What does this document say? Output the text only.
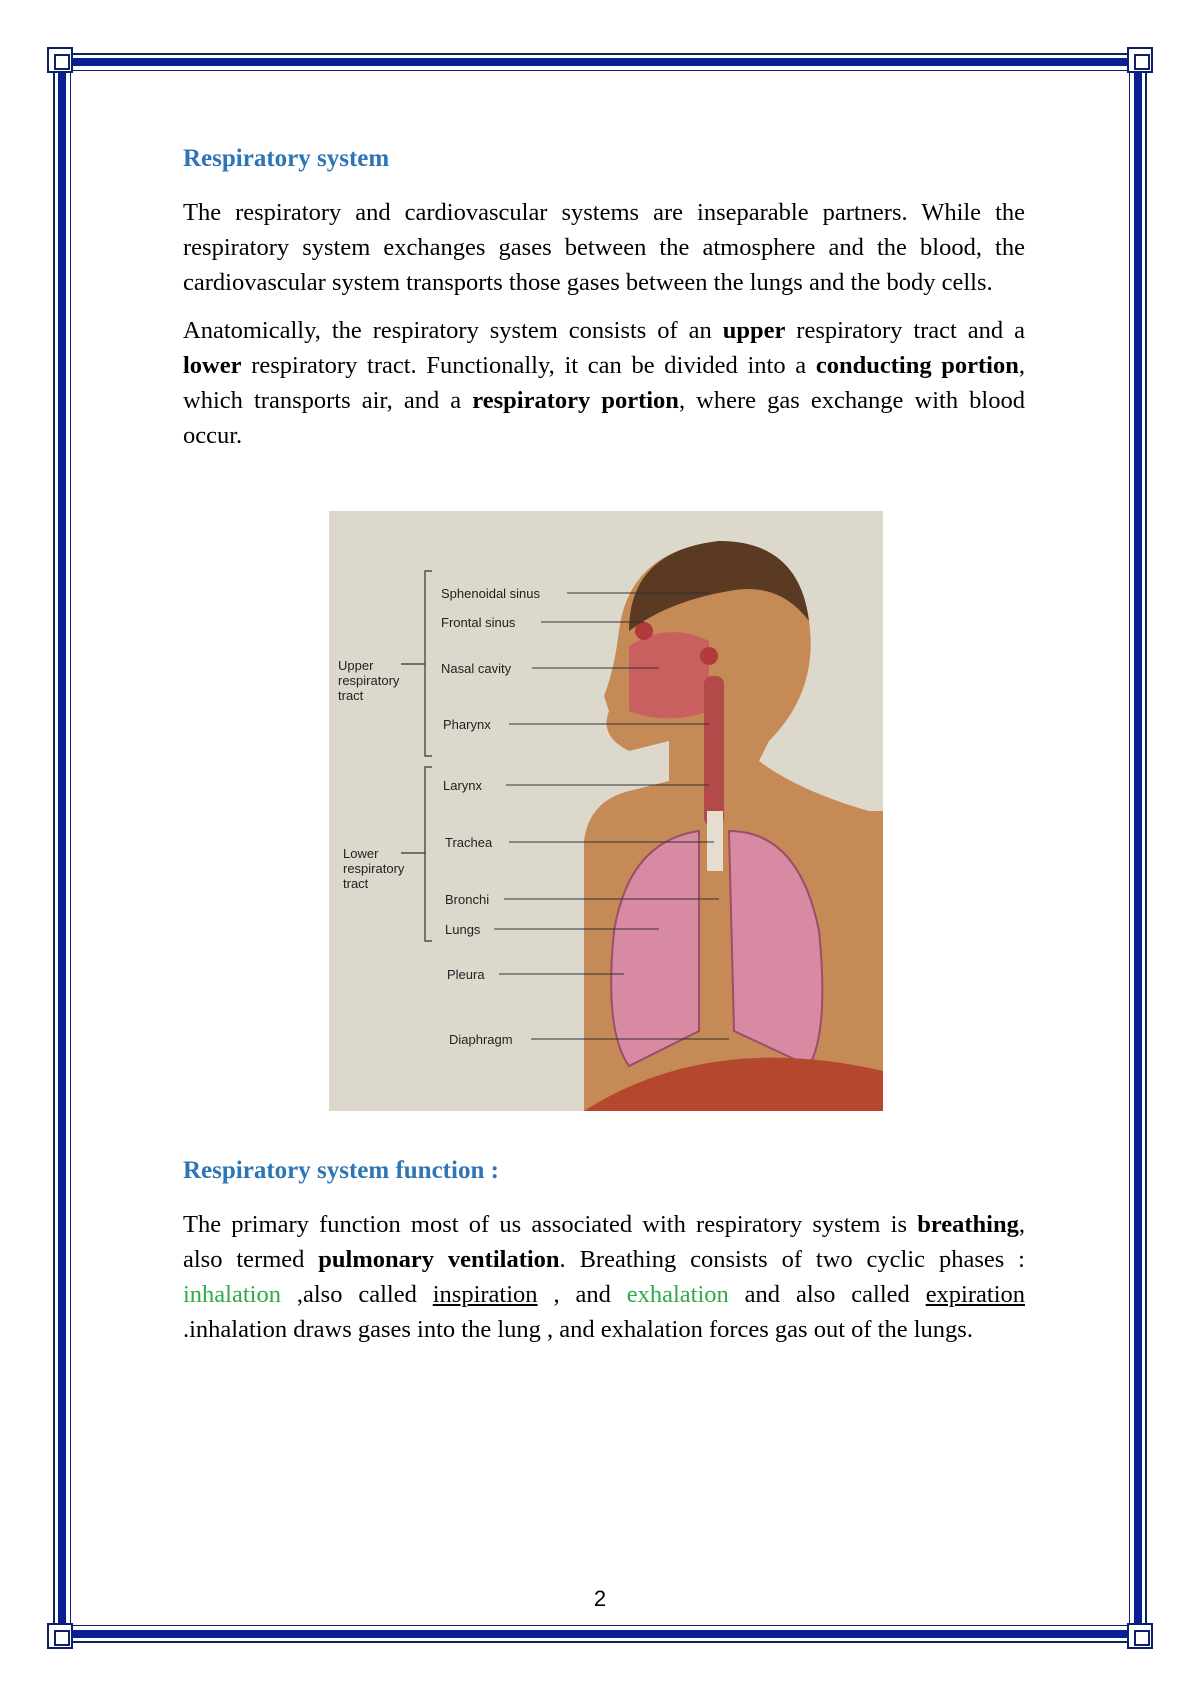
Respiratory system

The respiratory and cardiovascular systems are inseparable partners. While the respiratory system exchanges gases between the atmosphere and the blood, the cardiovascular system transports those gases between the lungs and the body cells.

Anatomically, the respiratory system consists of an upper respiratory tract and a lower respiratory tract. Functionally, it can be divided into a conducting portion, which transports air, and a respiratory portion, where gas exchange with blood occur.

Upper respiratory tract
Lower respiratory tract
Sphenoidal sinus
Frontal sinus
Nasal cavity
Pharynx
Larynx
Trachea
Bronchi
Lungs
Pleura
Diaphragm
Respiratory system function :

The primary function most of us associated with respiratory system is breathing, also termed pulmonary ventilation. Breathing consists of two cyclic phases : inhalation ,also called inspiration , and exhalation and also called expiration .inhalation draws gases into the lung , and exhalation forces gas out of the lungs.

2
